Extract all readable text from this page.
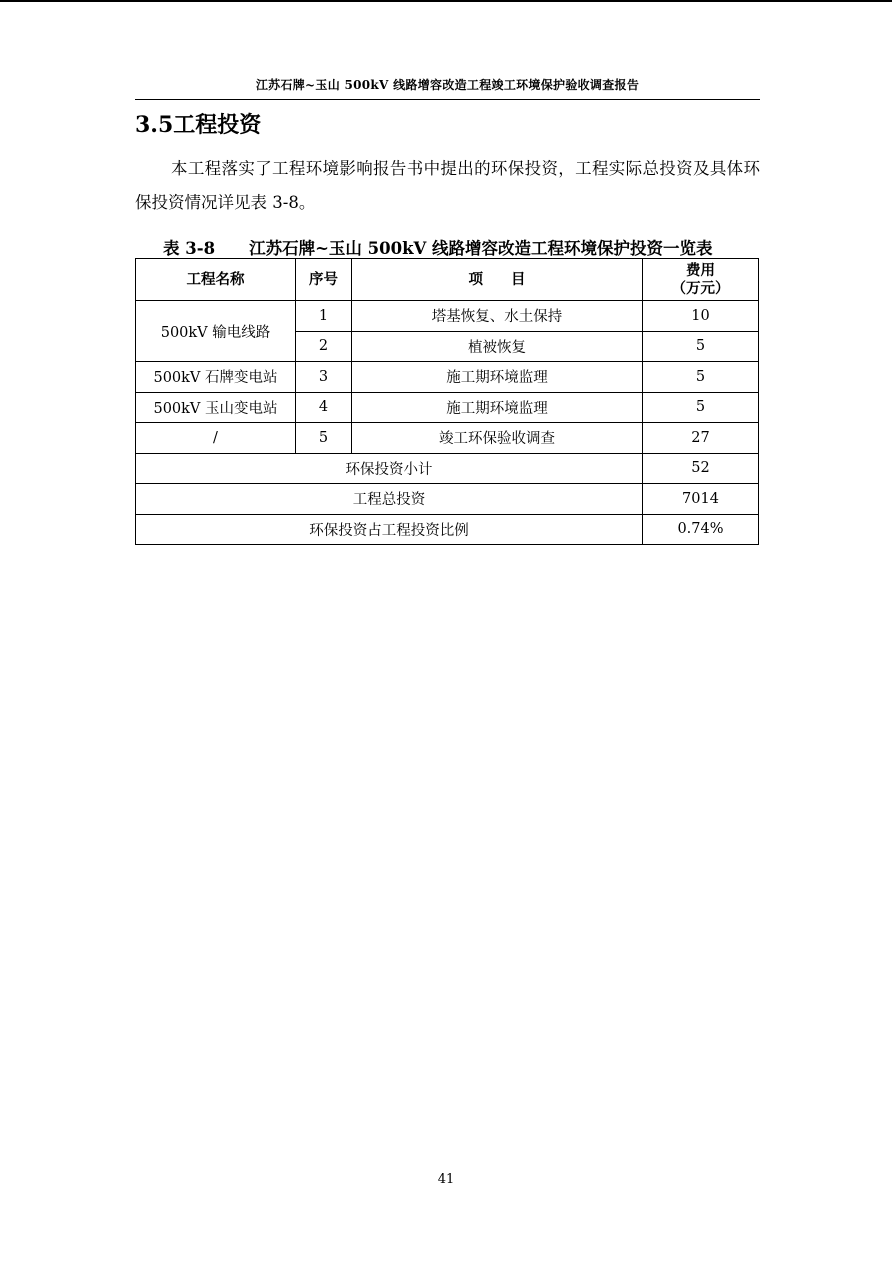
江苏石牌~玉山 500kV 线路增容改造工程竣工环境保护验收调查报告
3.5工程投资
本工程落实了工程环境影响报告书中提出的环保投资，工程实际总投资及具体环保投资情况详见表 3-8。
表 3-8 江苏石牌~玉山 500kV 线路增容改造工程环境保护投资一览表
工程名称	序号	项目	费用
（万元）
500kV 输电线路	1	塔基恢复、水土保持	10
	2	植被恢复	5
500kV 石牌变电站	3	施工期环境监理	5
500kV 玉山变电站	4	施工期环境监理	5
/	5	竣工环保验收调查	27
环保投资小计			52
工程总投资			7014
环保投资占工程投资比例			0.74%
41
